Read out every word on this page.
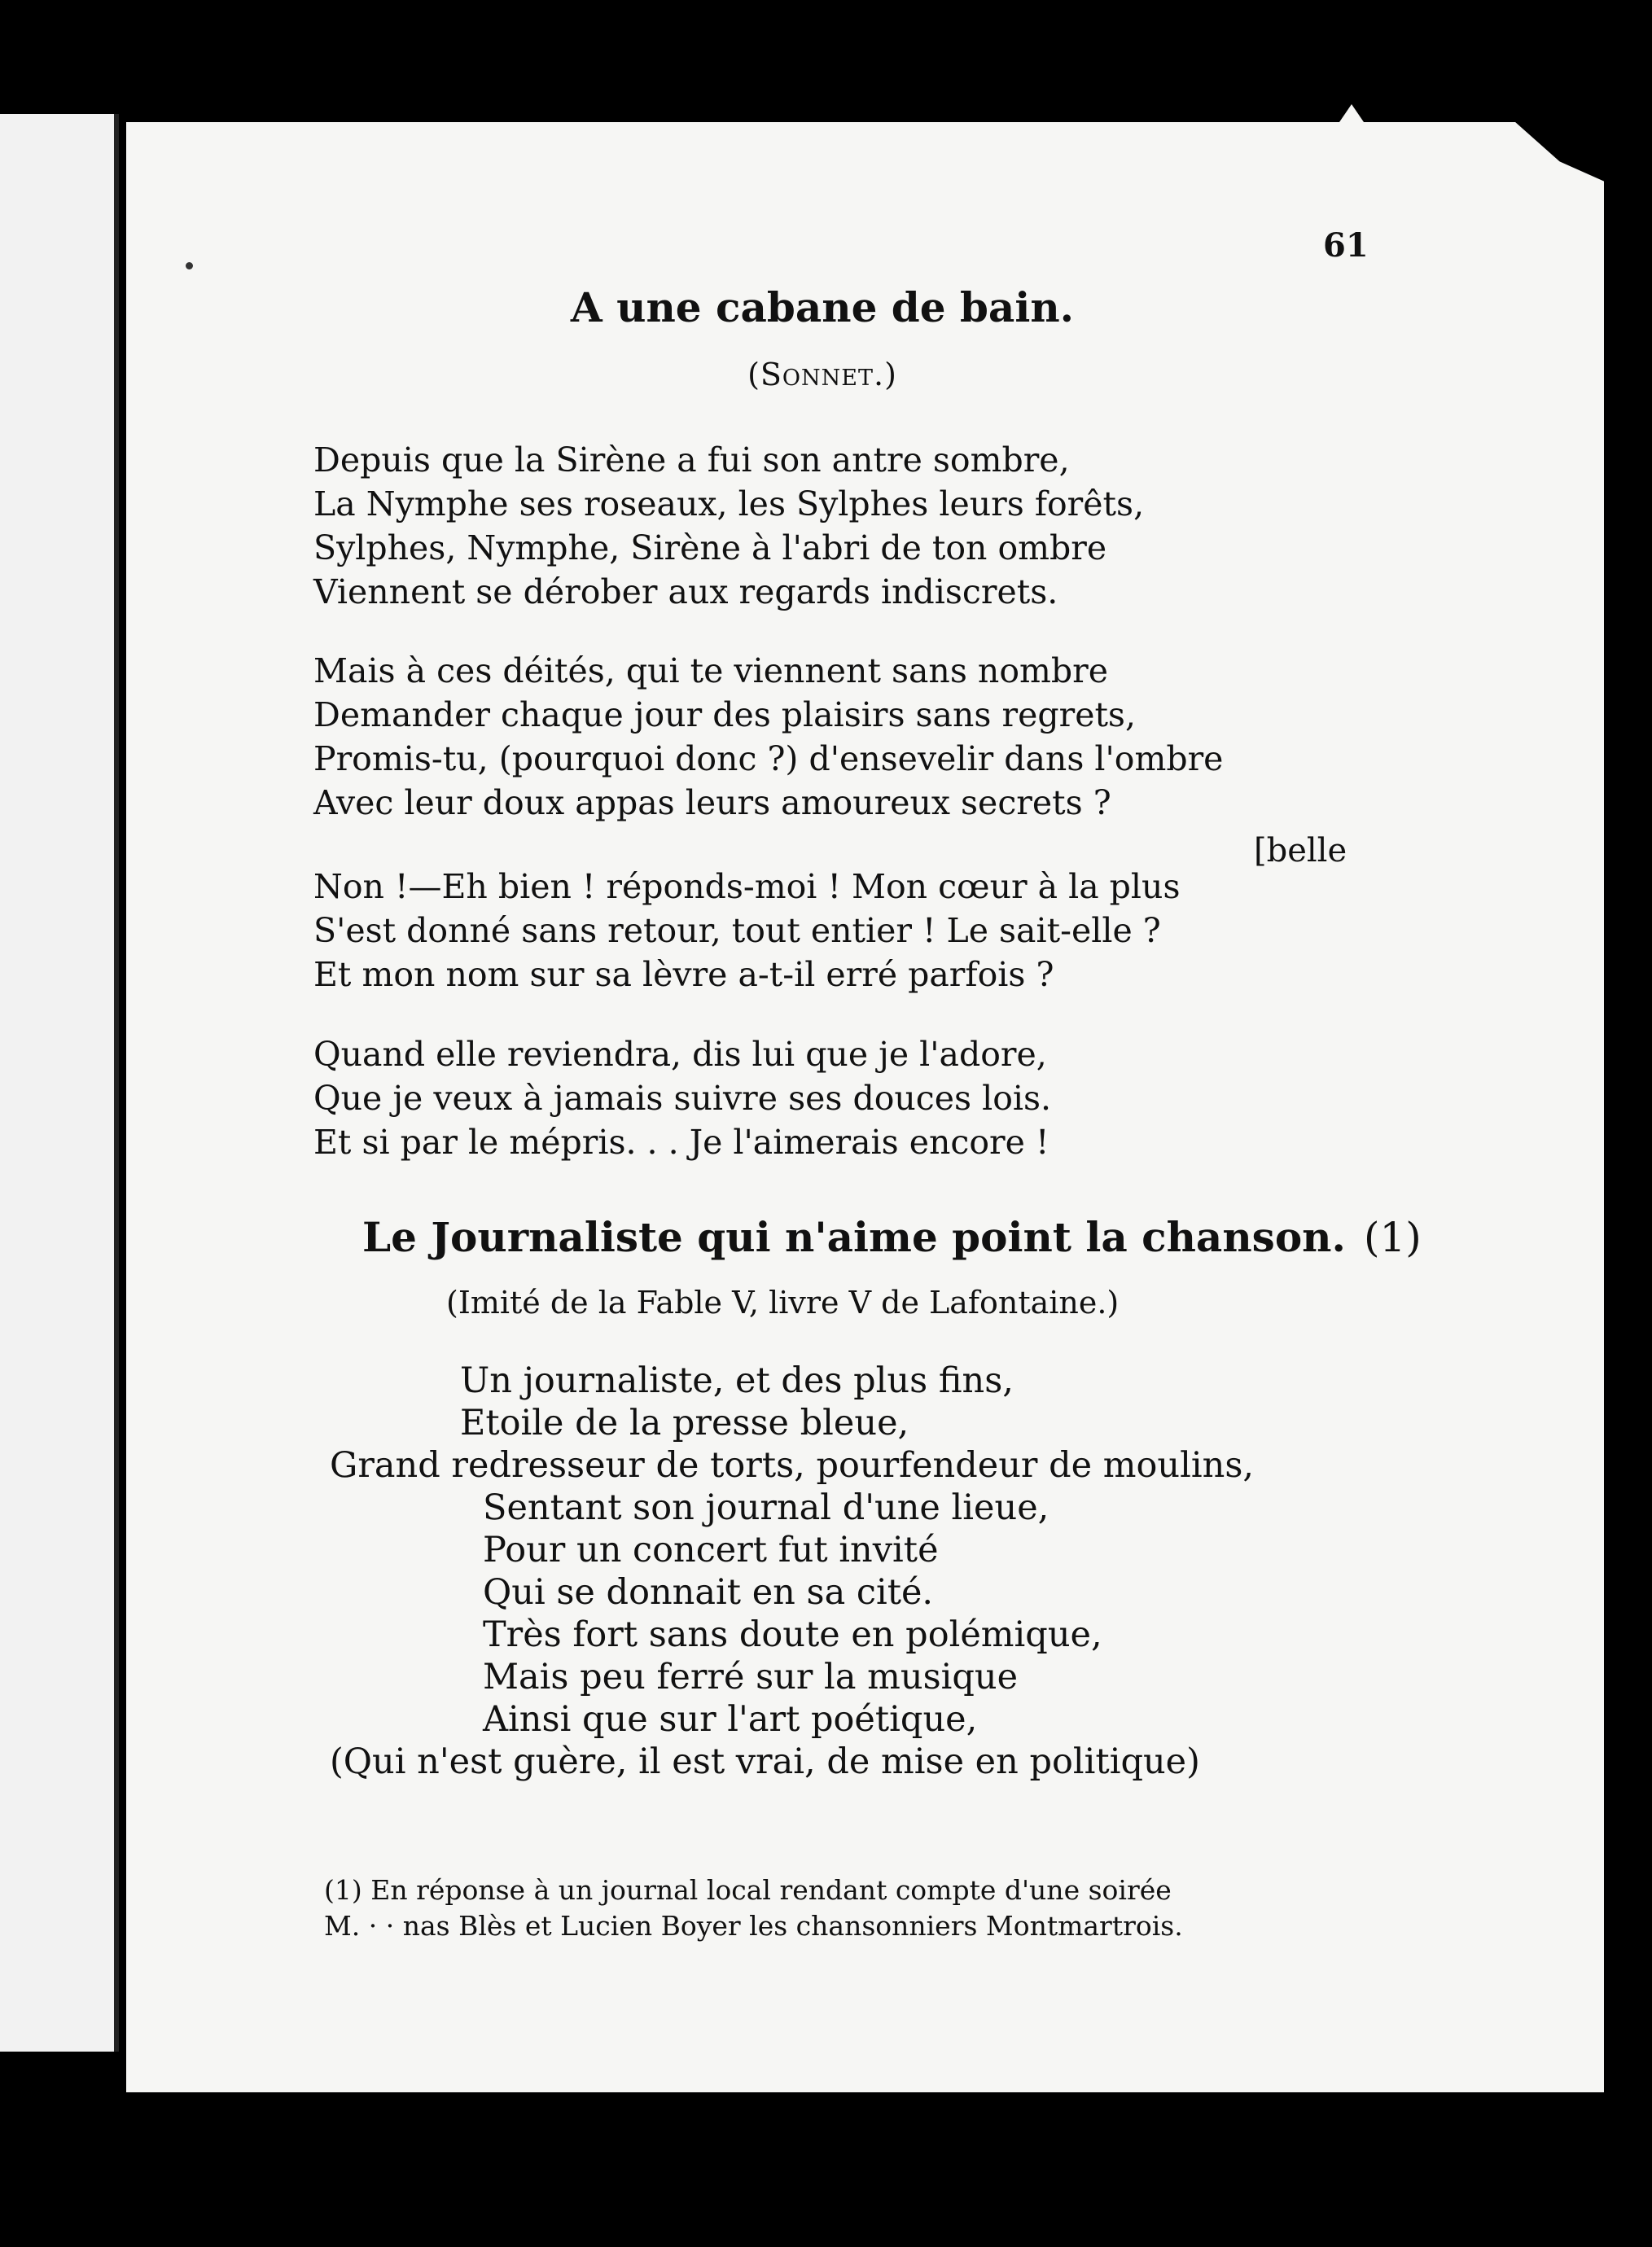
61
A une cabane de bain.
(Sonnet.)
Depuis que la Sirène a fui son antre sombre,
La Nymphe ses roseaux, les Sylphes leurs forêts,
Sylphes, Nymphe, Sirène à l'abri de ton ombre
Viennent se dérober aux regards indiscrets.
Mais à ces déités, qui te viennent sans nombre
Demander chaque jour des plaisirs sans regrets,
Promis-tu, (pourquoi donc ?) d'ensevelir dans l'ombre
Avec leur doux appas leurs amoureux secrets ?
[belle
Non !—Eh bien ! réponds-moi ! Mon cœur à la plus
S'est donné sans retour, tout entier ! Le sait-elle ?
Et mon nom sur sa lèvre a-t-il erré parfois ?
Quand elle reviendra, dis lui que je l'adore,
Que je veux à jamais suivre ses douces lois.
Et si par le mépris. . . Je l'aimerais encore !
Le Journaliste qui n'aime point la chanson. (1)
(Imité de la Fable V, livre V de Lafontaine.)
Un journaliste, et des plus fins,
Etoile de la presse bleue,
Grand redresseur de torts, pourfendeur de moulins,
Sentant son journal d'une lieue,
Pour un concert fut invité
Qui se donnait en sa cité.
Très fort sans doute en polémique,
Mais peu ferré sur la musique
Ainsi que sur l'art poétique,
(Qui n'est guère, il est vrai, de mise en politique)
(1) En réponse à un journal local rendant compte d'une soirée
M. · · nas Blès et Lucien Boyer les chansonniers Montmartrois.
